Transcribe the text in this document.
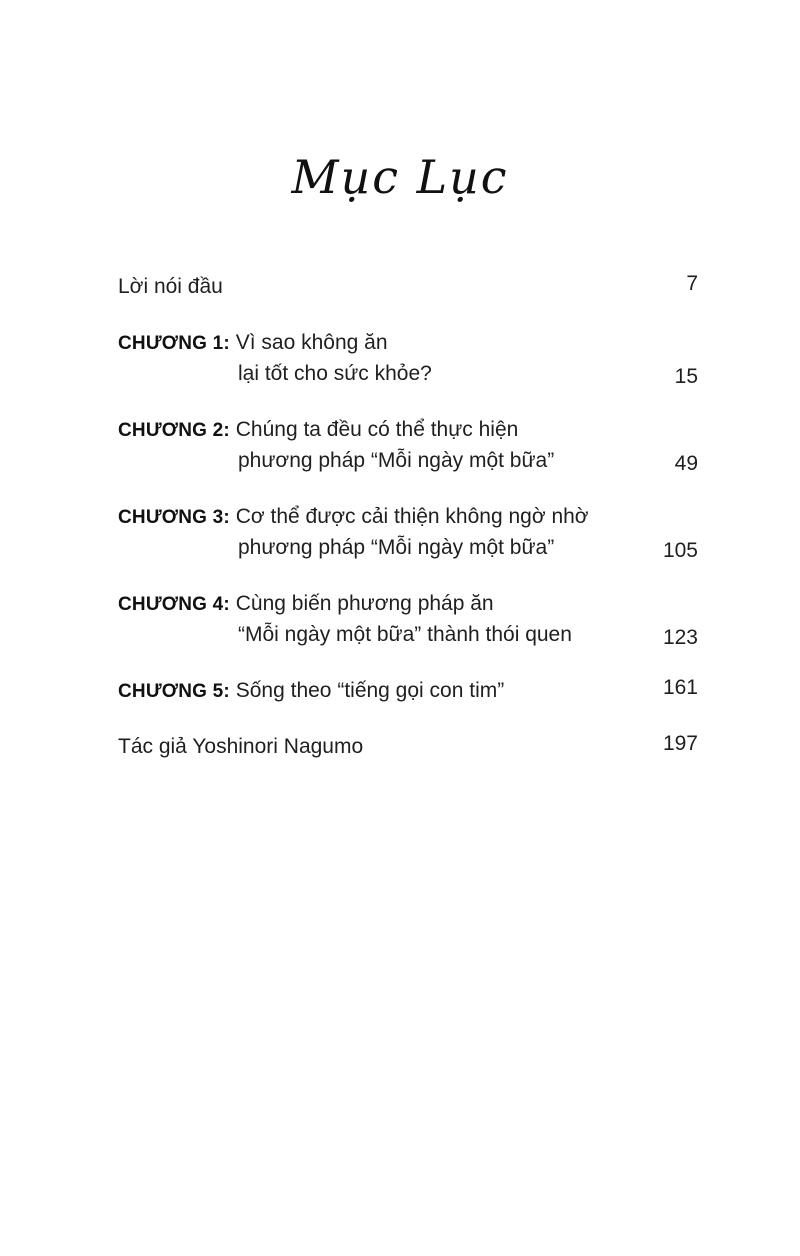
Mục Lục
Lời nói đầu	7
CHƯƠNG 1: Vì sao không ăn
lại tốt cho sức khỏe?	15
CHƯƠNG 2: Chúng ta đều có thể thực hiện
phương pháp “Mỗi ngày một bữa”	49
CHƯƠNG 3: Cơ thể được cải thiện không ngờ nhờ
phương pháp “Mỗi ngày một bữa”	105
CHƯƠNG 4: Cùng biến phương pháp ăn
“Mỗi ngày một bữa” thành thói quen	123
CHƯƠNG 5: Sống theo “tiếng gọi con tim”	161
Tác giả Yoshinori Nagumo	197
